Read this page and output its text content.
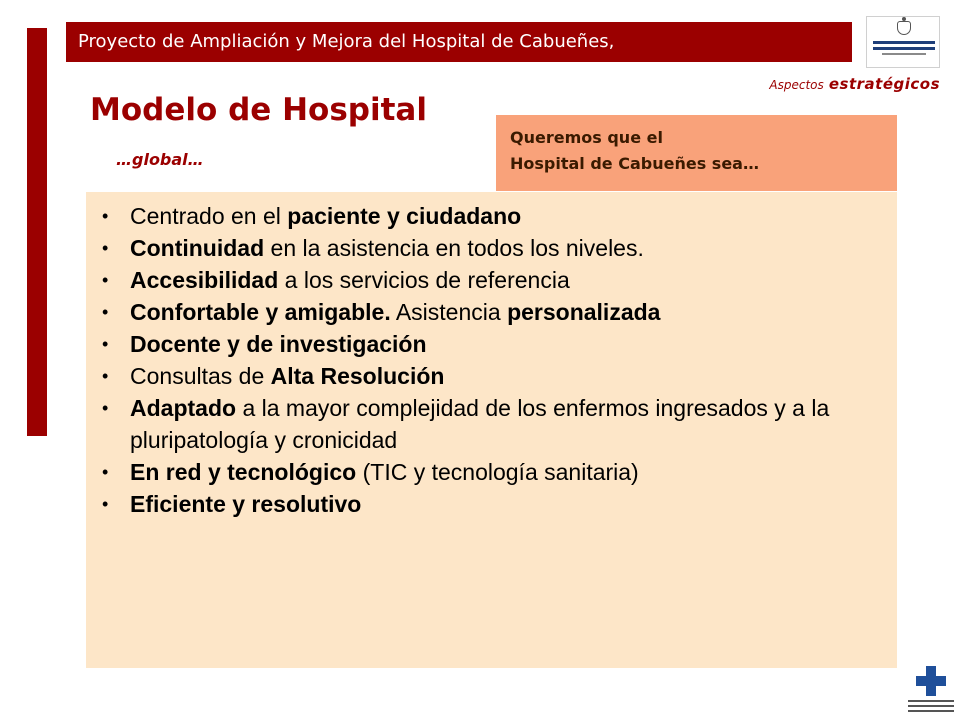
Proyecto de Ampliación y Mejora del Hospital de Cabueñes,
Aspectos estratégicos
Modelo de Hospital
…global…
Queremos que el
Hospital de Cabueñes sea…
• Centrado en el paciente y ciudadano
• Continuidad en la asistencia en todos los niveles.
• Accesibilidad a los servicios de referencia
• Confortable y amigable. Asistencia personalizada
• Docente y de investigación
• Consultas de Alta Resolución
• Adaptado a la mayor complejidad de los enfermos ingresados y a la pluripatología y cronicidad
• En red y tecnológico (TIC y tecnología sanitaria)
• Eficiente y resolutivo
